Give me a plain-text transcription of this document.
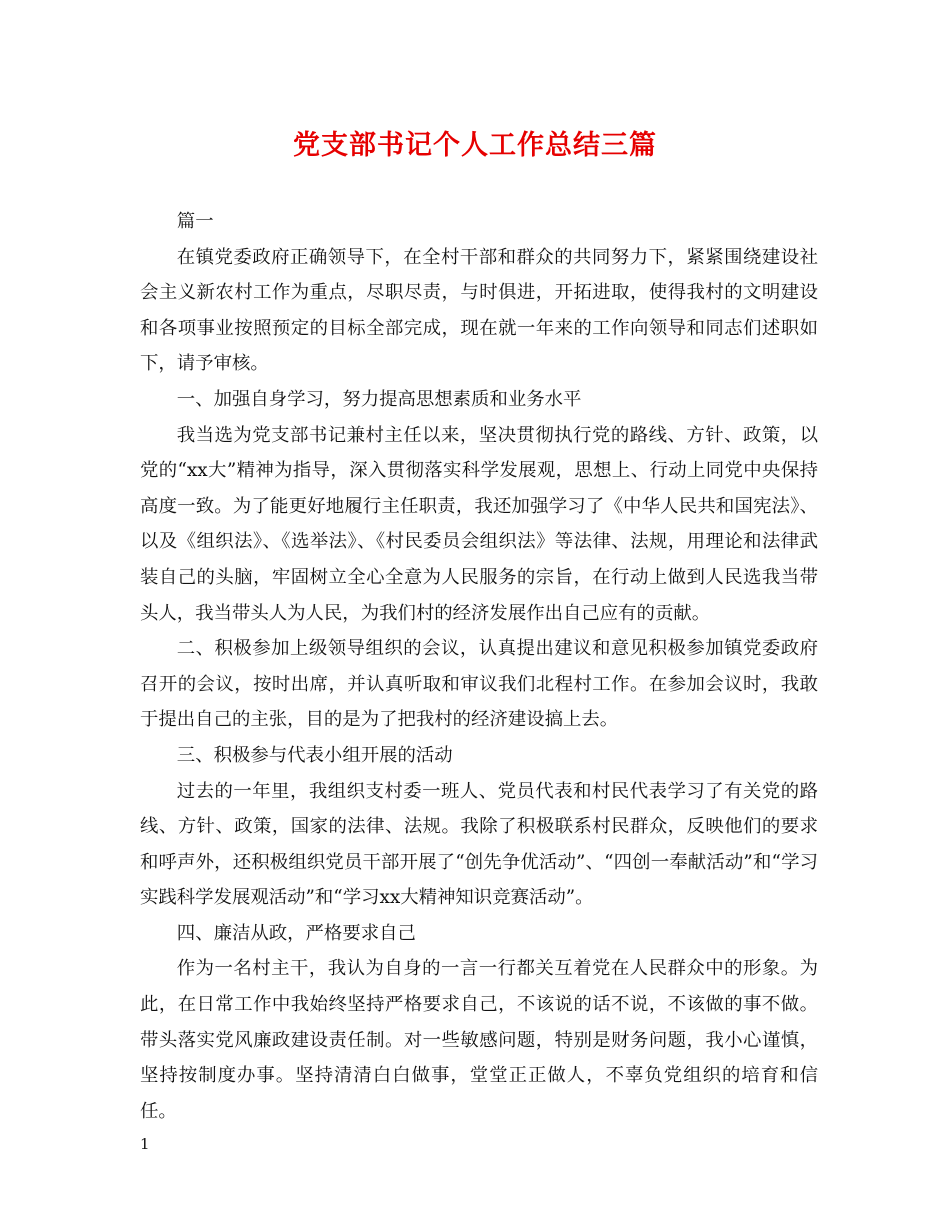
党支部书记个人工作总结三篇

篇一

在镇党委政府正确领导下，在全村干部和群众的共同努力下，紧紧围绕建设社会主义新农村工作为重点，尽职尽责，与时俱进，开拓进取，使得我村的文明建设和各项事业按照预定的目标全部完成，现在就一年来的工作向领导和同志们述职如下，请予审核。

一、加强自身学习，努力提高思想素质和业务水平

我当选为党支部书记兼村主任以来，坚决贯彻执行党的路线、方针、政策，以党的“xx大”精神为指导，深入贯彻落实科学发展观，思想上、行动上同党中央保持高度一致。为了能更好地履行主任职责，我还加强学习了《中华人民共和国宪法》、以及《组织法》、《选举法》、《村民委员会组织法》等法律、法规，用理论和法律武装自己的头脑，牢固树立全心全意为人民服务的宗旨，在行动上做到人民选我当带头人，我当带头人为人民，为我们村的经济发展作出自己应有的贡献。

二、积极参加上级领导组织的会议，认真提出建议和意见积极参加镇党委政府召开的会议，按时出席，并认真听取和审议我们北程村工作。在参加会议时，我敢于提出自己的主张，目的是为了把我村的经济建设搞上去。

三、积极参与代表小组开展的活动

过去的一年里，我组织支村委一班人、党员代表和村民代表学习了有关党的路线、方针、政策，国家的法律、法规。我除了积极联系村民群众，反映他们的要求和呼声外，还积极组织党员干部开展了“创先争优活动”、“四创一奉献活动”和“学习实践科学发展观活动”和“学习xx大精神知识竞赛活动”。

四、廉洁从政，严格要求自己

作为一名村主干，我认为自身的一言一行都关互着党在人民群众中的形象。为此，在日常工作中我始终坚持严格要求自己，不该说的话不说，不该做的事不做。带头落实党风廉政建设责任制。对一些敏感问题，特别是财务问题，我小心谨慎，坚持按制度办事。坚持清清白白做事，堂堂正正做人，不辜负党组织的培育和信任。

1
